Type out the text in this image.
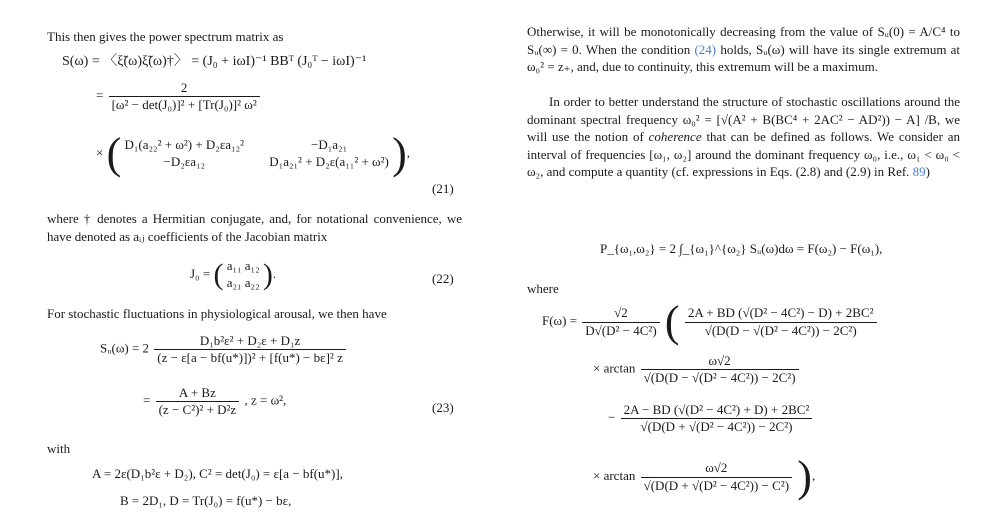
This then gives the power spectrum matrix as
S(ω) = 〈ξ̃(ω)ξ̃(ω)†〉 = (J₀ + iωI)⁻¹ BBᵀ (J₀ᵀ − iωI)⁻¹
= $\frac{2}{\text{[ω² − det(J₀)]² + [Tr(J₀)]² ω²}}$
× ( D₁(a₂₂² + ω²) + D₂εa₁₂²
−D₂εa₁₂

−D₁a₂₁
D₁a₂₁² + D₂ε(a₁₁² + ω²) ),
(21)
where † denotes a Hermitian conjugate, and, for notational convenience, we have denoted as aᵢⱼ coefficients of the Jacobian matrix
J₀ = ( a₁₁ a₁₂
a₂₁ a₂₂ ).	(22)
For stochastic fluctuations in physiological arousal, we then have
Sᵤ(ω) = $2 \frac{\text{D₁b²ε² + D₂ε + D₁z}}{\text{(z − ε[a − bf(u*)])² + [f(u*) − bε]² z}}$
= $\frac{A + Bz}{\text{(z − C²)² + D²z}}$ , z = ω²,	(23)
with
A = 2ε(D₁b²ε + D₂), C² = det(J₀) = ε[a − bf(u*)],
B = 2D₁, D = Tr(J₀) = f(u*) − bε,
Otherwise, it will be monotonically decreasing from the value of Sᵤ(0) = A/C⁴ to Sᵤ(∞) = 0. When the condition (24) holds, Sᵤ(ω) will have its single extremum at ω₀² = z₊, and, due to continuity, this extremum will be a maximum.
In order to better understand the structure of stochastic oscillations around the dominant spectral frequency ω₀² = [√(A² + B(BC⁴ + 2AC² − AD²)) − A] /B, we will use the notion of coherence that can be defined as follows. We consider an interval of frequencies [ω₁, ω₂] around the dominant frequency ω₀, i.e., ω₁ < ω₀ < ω₂, and compute a quantity (cf. expressions in Eqs. (2.8) and (2.9) in Ref. 89)
P_{ω₁,ω₂} = 2 ∫_{ω₁}^{ω₂} Sᵤ(ω)dω = F(ω₂) − F(ω₁),
where
$F(\omega) = \frac{√2}{\text{D√(D² − 4C²)}}$ ( $\frac{\text{2A + BD (√(D² − 4C²) − D) + 2BC²}}{\text{√(D(D − √(D² − 4C²)) − 2C²)}}$
× $\arctan \frac{\omega√2}{\text{√(D(D − √(D² − 4C²)) − 2C²)}}$
− $\frac{\text{2A − BD (√(D² − 4C²) + D) + 2BC²}}{\text{√(D(D + √(D² − 4C²)) − 2C²)}}$
× $\arctan \frac{\omega√2}{\text{√(D(D + √(D² − 4C²)) − C²)}}$ ),
